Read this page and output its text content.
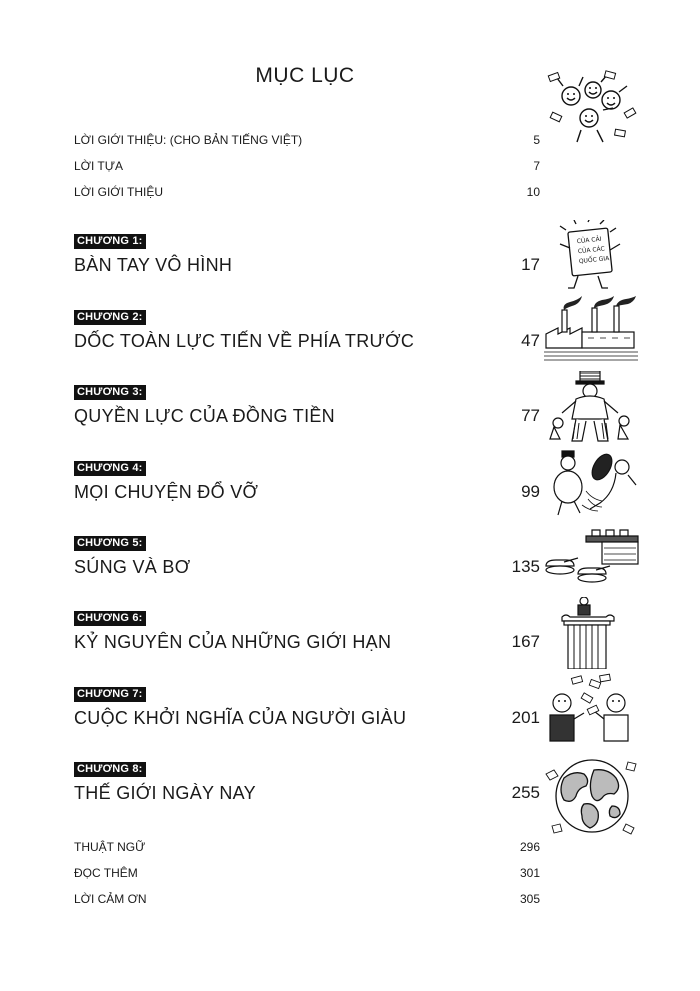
MỤC LỤC
LỜI GIỚI THIỆU: (CHO BẢN TIẾNG VIỆT)	5
LỜI TỰA	7
LỜI GIỚI THIỆU	10
CHƯƠNG 1:
BÀN TAY VÔ HÌNH	17
CỦA CẢI
CỦA CÁC
QUỐC GIA
CHƯƠNG 2:
DỐC TOÀN LỰC TIẾN VỀ PHÍA TRƯỚC	47
CHƯƠNG 3:
QUYỀN LỰC CỦA ĐỒNG TIỀN	77
CHƯƠNG 4:
MỌI CHUYỆN ĐỔ VỠ	99
CHƯƠNG 5:
SÚNG VÀ BƠ	135
CHƯƠNG 6:
KỶ NGUYÊN CỦA NHỮNG GIỚI HẠN	167
CHƯƠNG 7:
CUỘC KHỞI NGHĨA CỦA NGƯỜI GIÀU	201
CHƯƠNG 8:
THẾ GIỚI NGÀY NAY	255
THUẬT NGỮ	296
ĐỌC THÊM	301
LỜI CẢM ƠN	305
